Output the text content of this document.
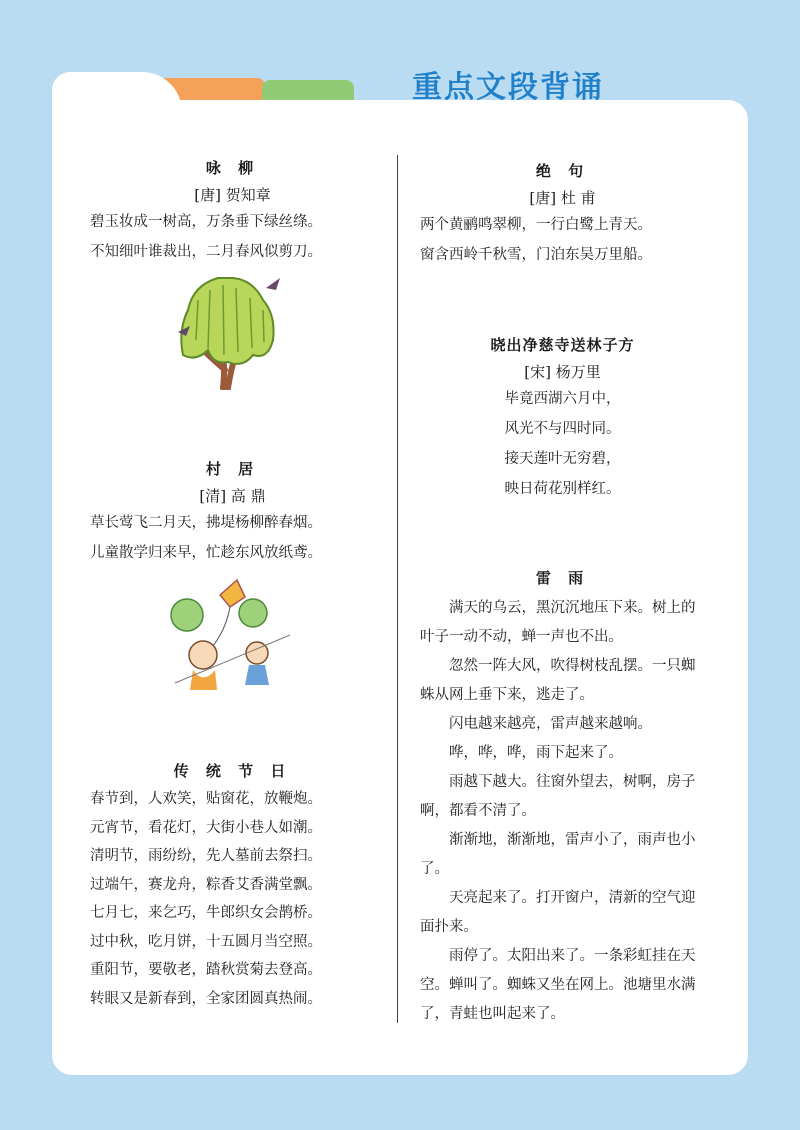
重点文段背诵

咏 柳

[唐] 贺知章

碧玉妆成一树高，万条垂下绿丝绦。

不知细叶谁裁出，二月春风似剪刀。

村 居

[清] 高 鼎

草长莺飞二月天，拂堤杨柳醉春烟。

儿童散学归来早，忙趁东风放纸鸢。

传 统 节 日

春节到，人欢笑，贴窗花，放鞭炮。

元宵节，看花灯，大街小巷人如潮。

清明节，雨纷纷，先人墓前去祭扫。

过端午，赛龙舟，粽香艾香满堂飘。

七月七，来乞巧，牛郎织女会鹊桥。

过中秋，吃月饼，十五圆月当空照。

重阳节，要敬老，踏秋赏菊去登高。

转眼又是新春到，全家团圆真热闹。

绝 句

[唐] 杜 甫

两个黄鹂鸣翠柳，一行白鹭上青天。

窗含西岭千秋雪，门泊东吴万里船。

晓出净慈寺送林子方

[宋] 杨万里

毕竟西湖六月中，

风光不与四时同。

接天莲叶无穷碧，

映日荷花别样红。

雷 雨

满天的乌云，黑沉沉地压下来。树上的叶子一动不动，蝉一声也不出。

忽然一阵大风，吹得树枝乱摆。一只蜘蛛从网上垂下来，逃走了。

闪电越来越亮，雷声越来越响。

哗，哗，哗，雨下起来了。

雨越下越大。往窗外望去，树啊，房子啊，都看不清了。

渐渐地，渐渐地，雷声小了，雨声也小了。

天亮起来了。打开窗户，清新的空气迎面扑来。

雨停了。太阳出来了。一条彩虹挂在天空。蝉叫了。蜘蛛又坐在网上。池塘里水满了，青蛙也叫起来了。
